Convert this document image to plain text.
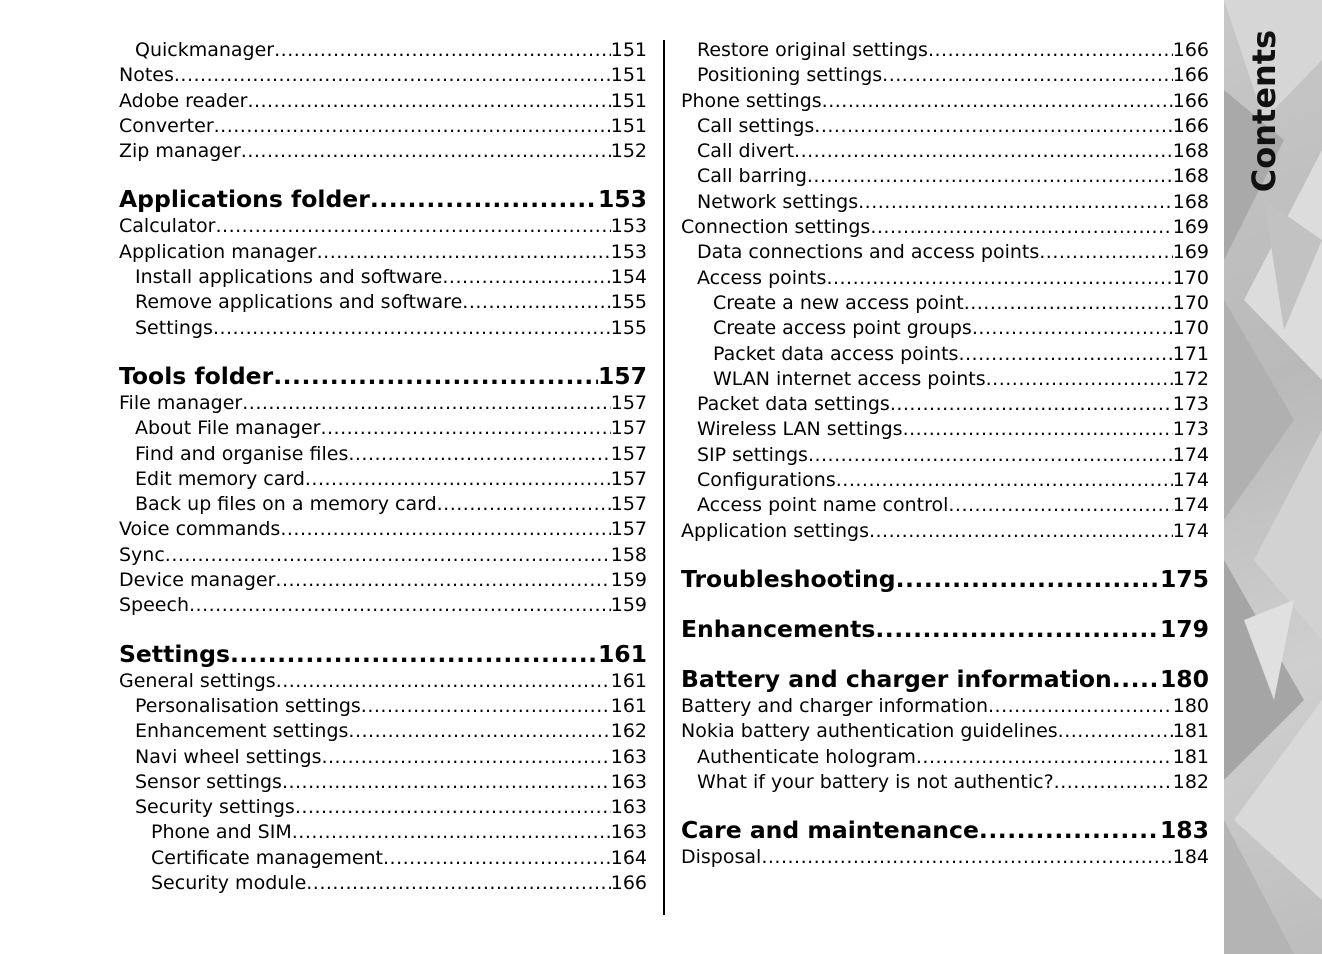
Quickmanager .....	151
Notes .....	151
Adobe reader .....	151
Converter .....	151
Zip manager .....	152
Applications folder .....	153
Calculator .....	153
Application manager .....	153
Install applications and software .....	154
Remove applications and software .....	155
Settings .....	155
Tools folder .....	157
File manager .....	157
About File manager .....	157
Find and organise files .....	157
Edit memory card .....	157
Back up files on a memory card .....	157
Voice commands .....	157
Sync .....	158
Device manager .....	159
Speech .....	159
Settings .....	161
General settings .....	161
Personalisation settings .....	161
Enhancement settings .....	162
Navi wheel settings .....	163
Sensor settings .....	163
Security settings .....	163
Phone and SIM .....	163
Certificate management .....	164
Security module .....	166
Restore original settings .....	166
Positioning settings .....	166
Phone settings .....	166
Call settings .....	166
Call divert .....	168
Call barring .....	168
Network settings .....	168
Connection settings .....	169
Data connections and access points .....	169
Access points .....	170
Create a new access point .....	170
Create access point groups .....	170
Packet data access points .....	171
WLAN internet access points .....	172
Packet data settings .....	173
Wireless LAN settings .....	173
SIP settings .....	174
Configurations .....	174
Access point name control .....	174
Application settings .....	174
Troubleshooting .....	175
Enhancements .....	179
Battery and charger information ..... 180
Battery and charger information .....	180
Nokia battery authentication guidelines .....	181
Authenticate hologram .....	181
What if your battery is not authentic? .....	182
Care and maintenance .....	183
Disposal .....	184
Contents
